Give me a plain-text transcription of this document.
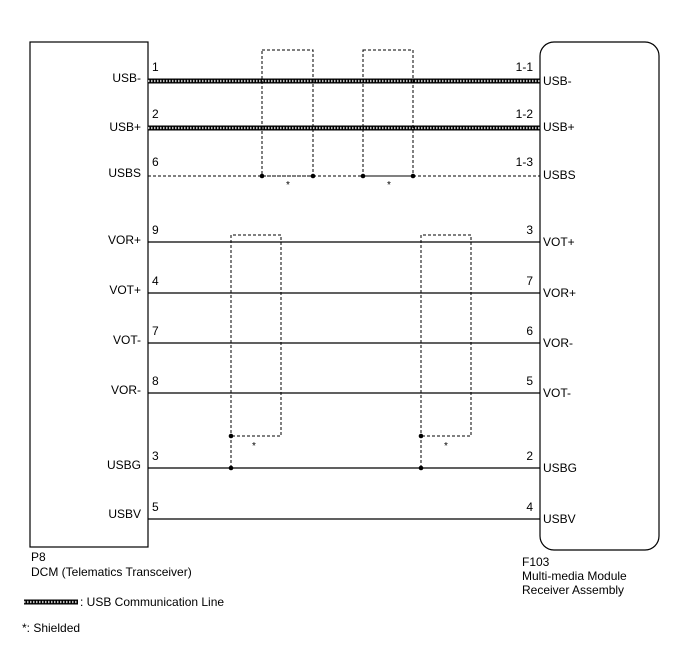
*	*
*	*
USB-
USB+
USBS
VOR+
VOT+
VOT-
VOR-
USBG
USBV
1
2
6
9
4
7
8
3
5
1-1
1-2
1-3
3
7
6
5
2
4
USB-
USB+
USBS
VOT+
VOR+
VOR-
VOT-
USBG
USBV
P8
DCM (Telematics Transceiver)
F103
Multi-media Module
Receiver Assembly
: USB Communication Line
*: Shielded
